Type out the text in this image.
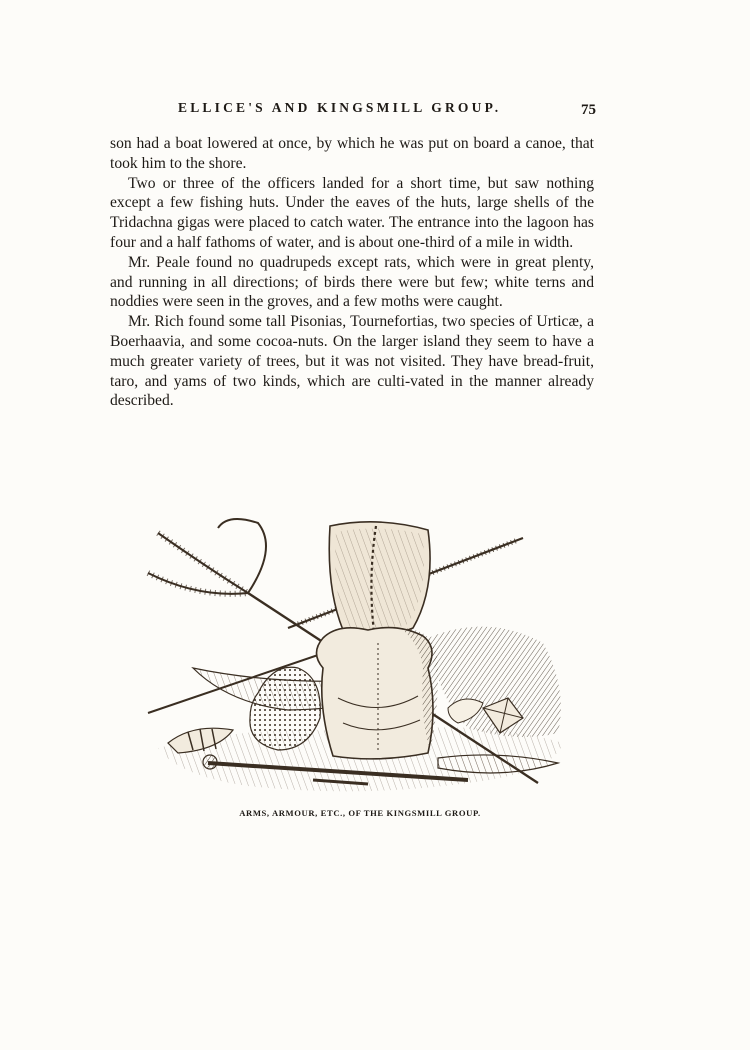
ELLICE'S AND KINGSMILL GROUP.	75

son had a boat lowered at once, by which he was put on board a canoe, that took him to the shore.

Two or three of the officers landed for a short time, but saw nothing except a few fishing huts. Under the eaves of the huts, large shells of the Tridachna gigas were placed to catch water. The entrance into the lagoon has four and a half fathoms of water, and is about one-third of a mile in width.

Mr. Peale found no quadrupeds except rats, which were in great plenty, and running in all directions; of birds there were but few; white terns and noddies were seen in the groves, and a few moths were caught.

Mr. Rich found some tall Pisonias, Tournefortias, two species of Urticæ, a Boerhaavia, and some cocoa-nuts. On the larger island they seem to have a much greater variety of trees, but it was not visited. They have bread-fruit, taro, and yams of two kinds, which are culti-vated in the manner already described.

ARMS, ARMOUR, ETC., OF THE KINGSMILL GROUP.
